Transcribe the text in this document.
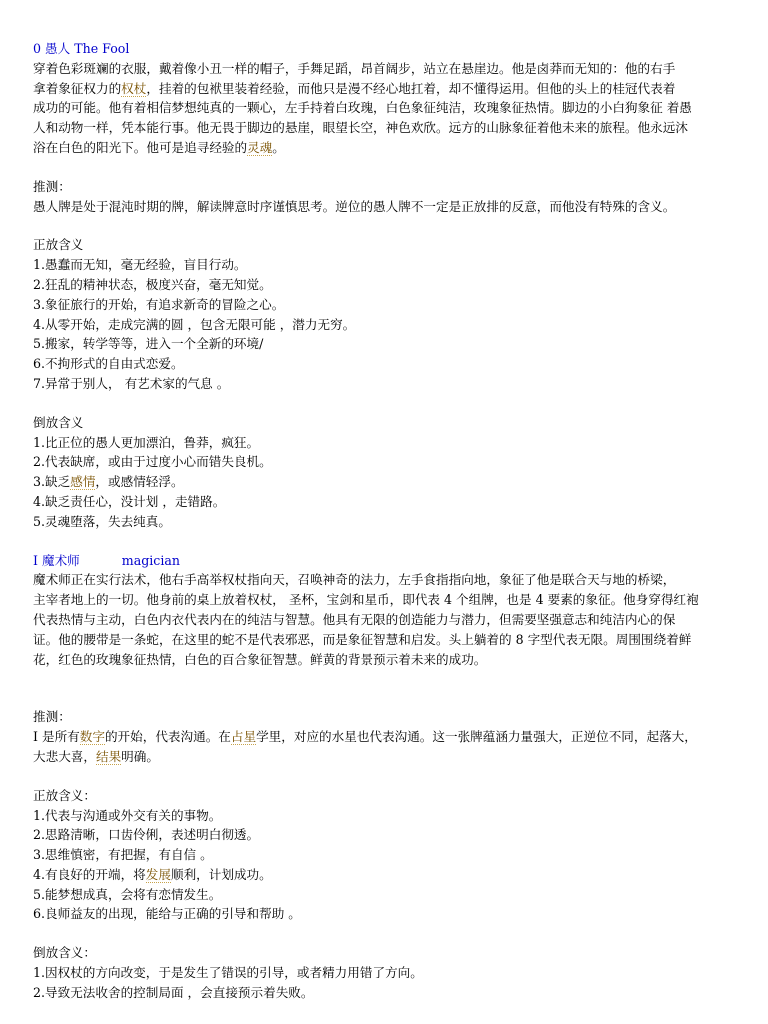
0 愚人 The Fool

穿着色彩斑斓的衣服，戴着像小丑一样的帽子，手舞足蹈，昂首阔步，站立在悬崖边。他是卤莽而无知的：他的右手

拿着象征权力的权杖，挂着的包袱里装着经验，而他只是漫不经心地扛着，却不懂得运用。但他的头上的桂冠代表着

成功的可能。他有着相信梦想纯真的一颗心，左手持着白玫瑰，白色象征纯洁，玫瑰象征热情。脚边的小白狗象征 着愚

人和动物一样，凭本能行事。他无畏于脚边的悬崖，眼望长空，神色欢欣。远方的山脉象征着他未来的旅程。他永远沐

浴在白色的阳光下。他可是追寻经验的灵魂。

推测：

愚人牌是处于混沌时期的牌，解读牌意时序谨慎思考。逆位的愚人牌不一定是正放排的反意，而他没有特殊的含义。

正放含义

1.愚蠢而无知，毫无经验，盲目行动。

2.狂乱的精神状态，极度兴奋，毫无知觉。

3.象征旅行的开始，有追求新奇的冒险之心。

4.从零开始，走成完满的圆 ，包含无限可能 ，潜力无穷。

5.搬家，转学等等，进入一个全新的环境/

6.不拘形式的自由式恋爱。

7.异常于别人， 有艺术家的气息 。

倒放含义

1.比正位的愚人更加漂泊，鲁莽，疯狂。

2.代表缺席，或由于过度小心而错失良机。

3.缺乏感情，或感情轻浮。

4.缺乏责任心，没计划 ，走错路。

5.灵魂堕落，失去纯真。

I 魔术师	magician

魔术师正在实行法术，他右手高举权杖指向天，召唤神奇的法力，左手食指指向地，象征了他是联合天与地的桥梁，

主宰者地上的一切。他身前的桌上放着权杖， 圣杯，宝剑和星币，即代表 4 个组牌，也是 4 要素的象征。他身穿得红袍

代表热情与主动，白色内衣代表内在的纯洁与智慧。他具有无限的创造能力与潜力，但需要坚强意志和纯洁内心的保

证。他的腰带是一条蛇，在这里的蛇不是代表邪恶，而是象征智慧和启发。头上躺着的 8 字型代表无限。周围围绕着鲜

花，红色的玫瑰象征热情，白色的百合象征智慧。鲜黄的背景预示着未来的成功。

推测：

I 是所有数字的开始，代表沟通。在占星学里，对应的水星也代表沟通。这一张牌蕴涵力量强大，正逆位不同，起落大，

大悲大喜，结果明确。

正放含义：

1.代表与沟通或外交有关的事物。

2.思路清晰，口齿伶俐，表述明白彻透。

3.思维慎密，有把握，有自信 。

4.有良好的开端，将发展顺利，计划成功。

5.能梦想成真，会将有恋情发生。

6.良师益友的出现，能给与正确的引导和帮助 。

倒放含义：

1.因权杖的方向改变，于是发生了错误的引导，或者精力用错了方向。

2.导致无法收舍的控制局面 ，会直接预示着失败。
